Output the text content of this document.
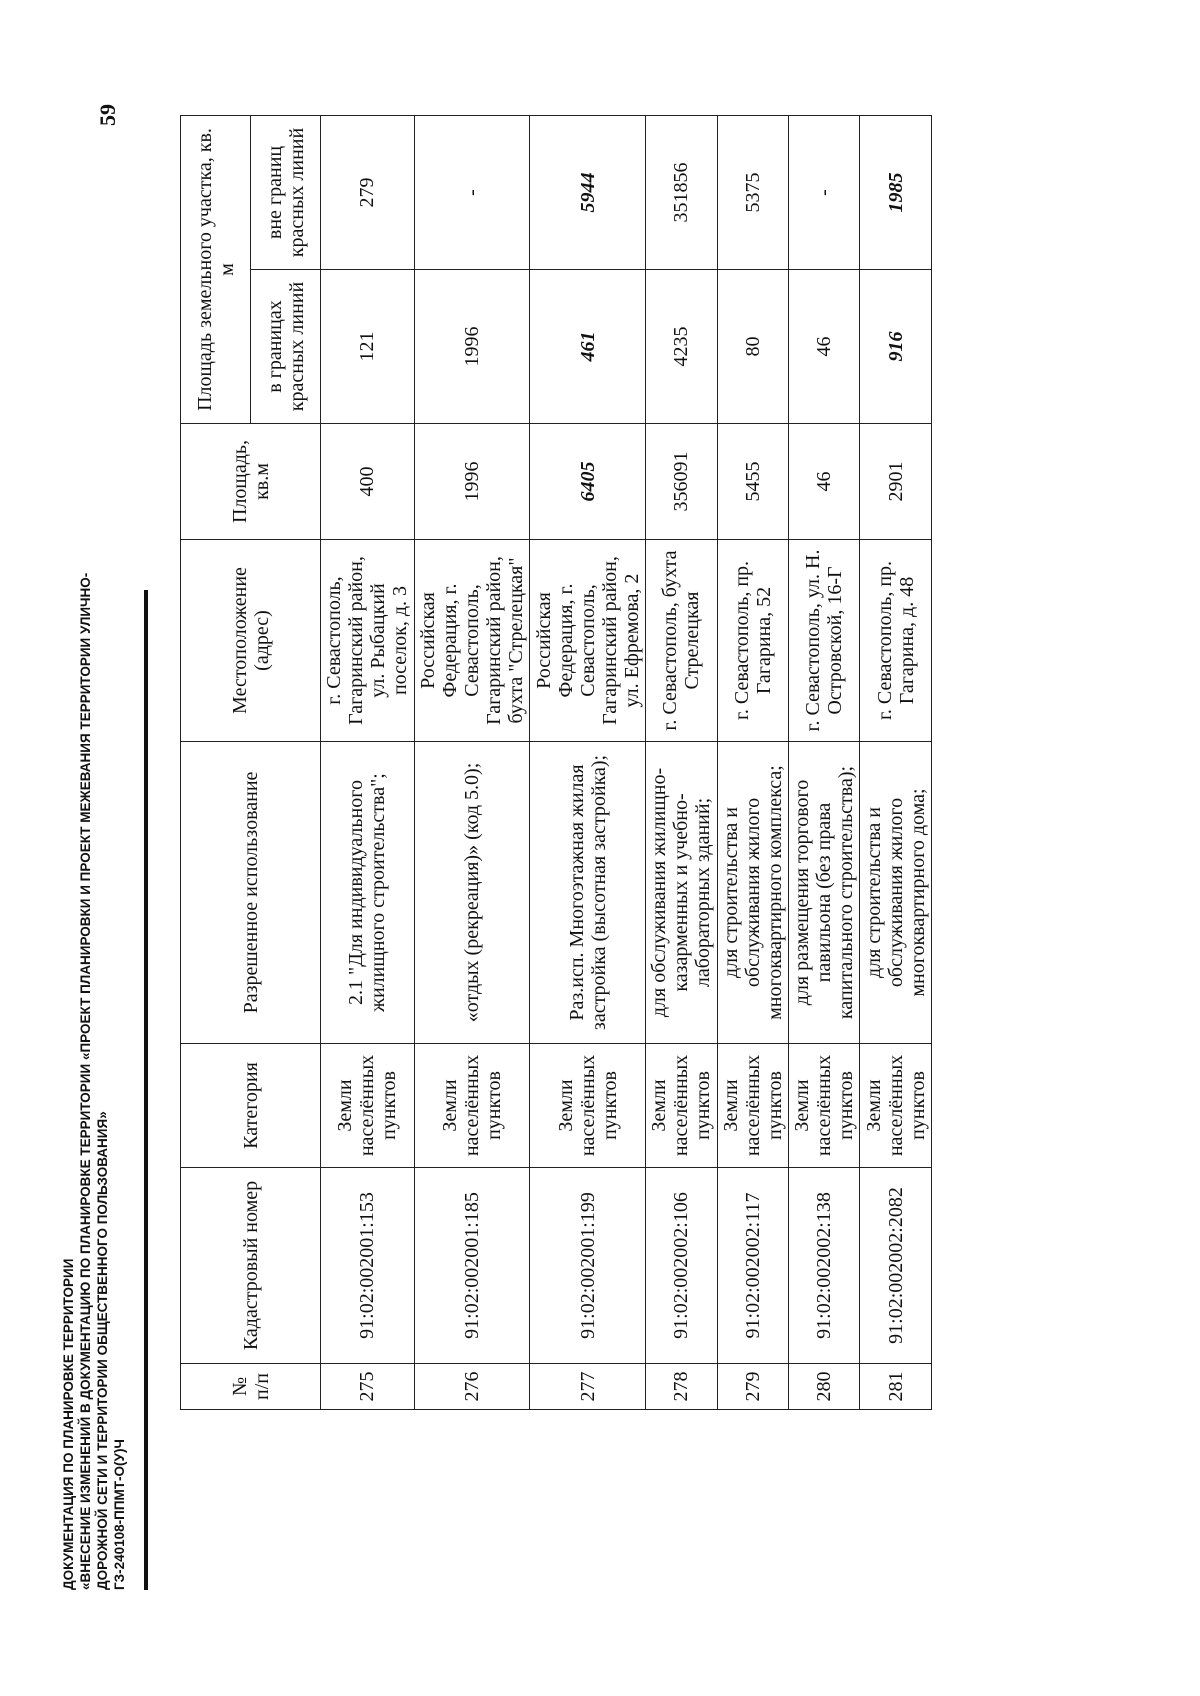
59
ДОКУМЕНТАЦИЯ ПО ПЛАНИРОВКЕ ТЕРРИТОРИИ «ВНЕСЕНИЕ ИЗМЕНЕНИЙ В ДОКУМЕНТАЦИЮ ПО ПЛАНИРОВКЕ ТЕРРИТОРИИ «ПРОЕКТ ПЛАНИРОВКИ И ПРОЕКТ МЕЖЕВАНИЯ ТЕРРИТОРИИ УЛИЧНО- ДОРОЖНОЙ СЕТИ И ТЕРРИТОРИИ ОБЩЕСТВЕННОГО ПОЛЬЗОВАНИЯ» ГЗ-240108-ППМТ-О(У)Ч
№ п/п	Кадастровый номер	Категория	Разрешенное использование	Местоположение (адрес)	Площадь, кв.м	Площадь земельного участка, кв. м	
						в границах красных линий	вне границ красных линий
275	91:02:002001:153	Земли населённых пунктов	2.1 "Для индивидуального жилищного строительства";	г. Севастополь, Гагаринский район, ул. Рыбацкий поселок, д. 3	400	121	279
276	91:02:002001:185	Земли населённых пунктов	«отдых (рекреация)» (код 5.0);	Российская Федерация, г. Севастополь, Гагаринский район, бухта "Стрелецкая"	1996	1996	-
277	91:02:002001:199	Земли населённых пунктов	Раз.исп. Многоэтажная жилая застройка (высотная застройка);	Российская Федерация, г. Севастополь, Гагаринский район, ул. Ефремова, 2	6405	461	5944
278	91:02:002002:106	Земли населённых пунктов	для обслуживания жилищно-казарменных и учебно-лабораторных зданий;	г. Севастополь, бухта Стрелецкая	356091	4235	351856
279	91:02:002002:117	Земли населённых пунктов	для строительства и обслуживания жилого многоквартирного комплекса;	г. Севастополь, пр. Гагарина, 52	5455	80	5375
280	91:02:002002:138	Земли населённых пунктов	для размещения торгового павильона (без права капитального строительства);	г. Севастополь, ул. Н. Островской, 16-Г	46	46	-
281	91:02:002002:2082	Земли населённых пунктов	для строительства и обслуживания жилого многоквартирного дома;	г. Севастополь, пр. Гагарина, д. 48	2901	916	1985
